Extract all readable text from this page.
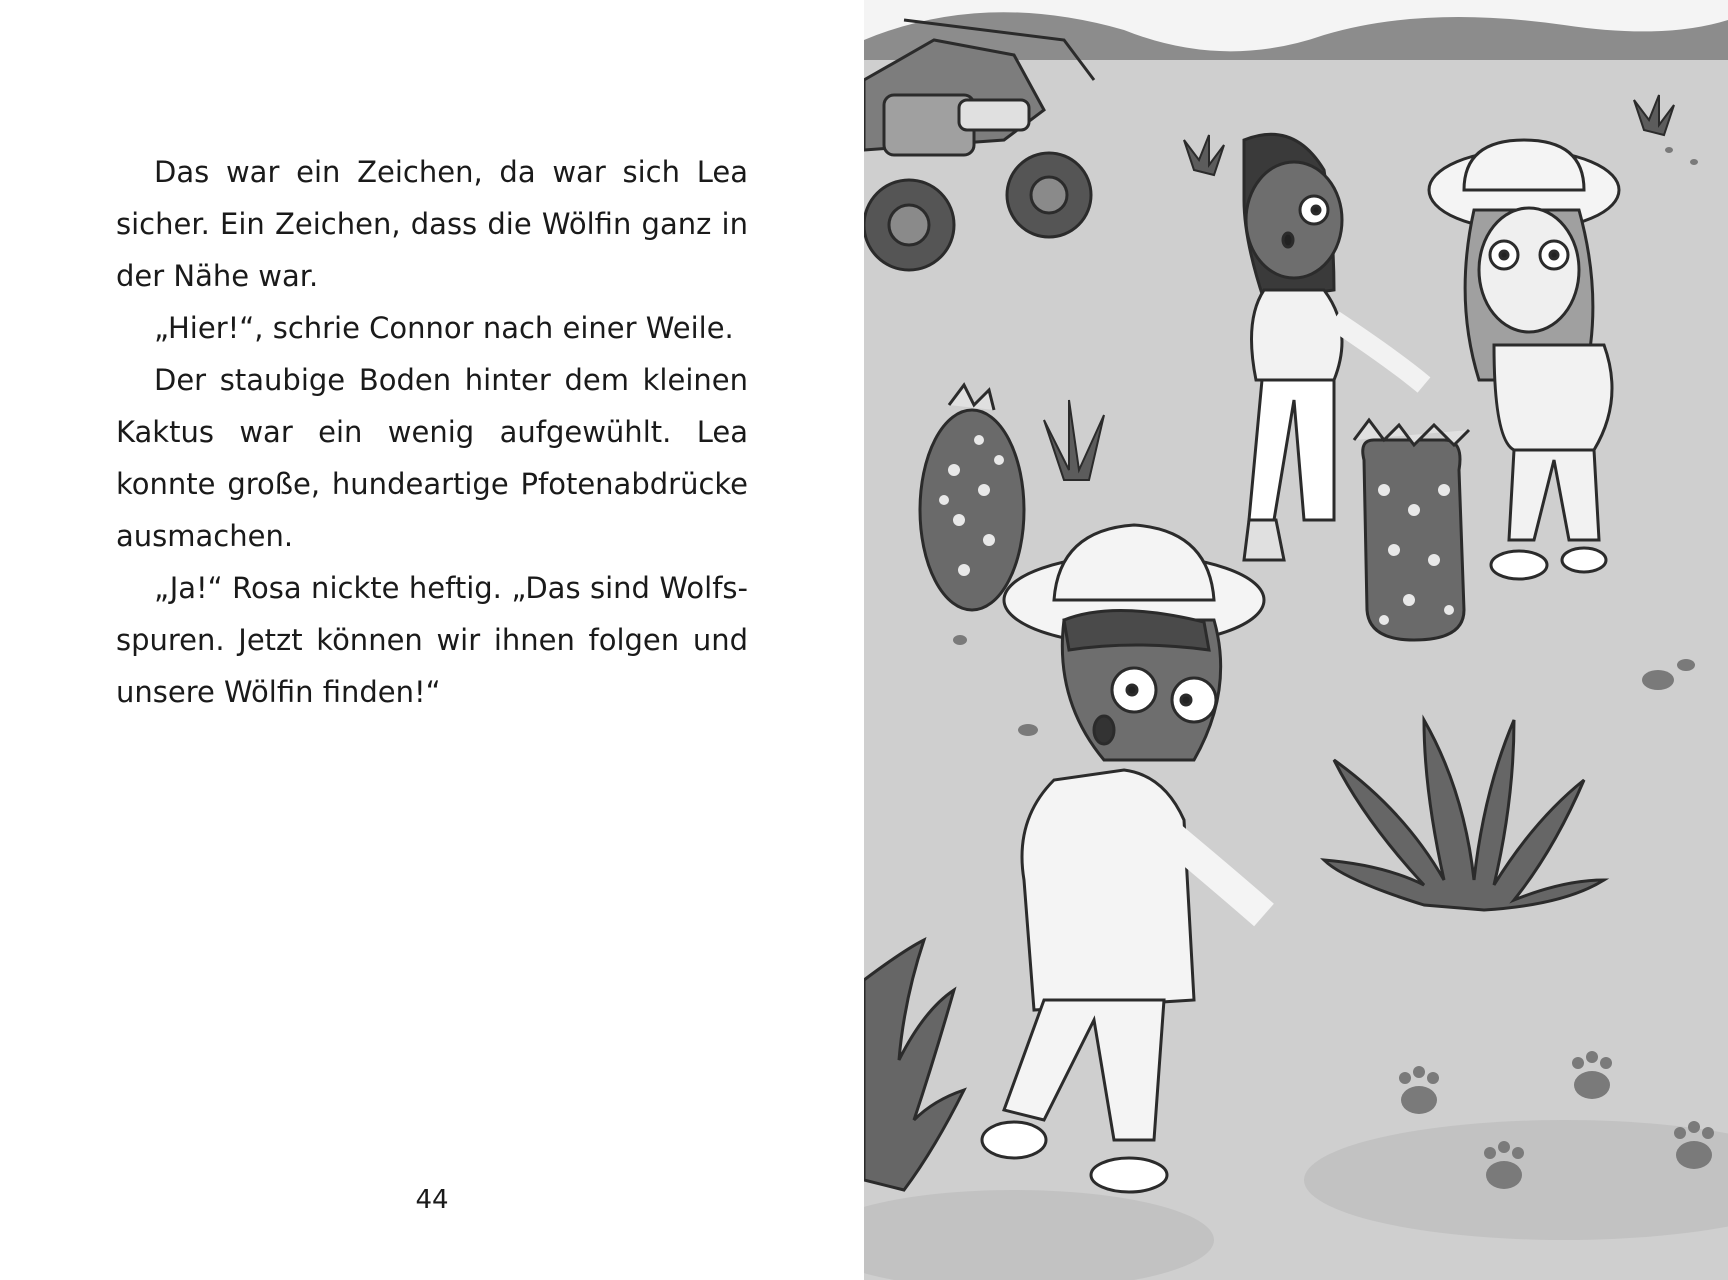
Das war ein Zeichen, da war sich Lea sicher. Ein Zeichen, dass die Wölfin ganz in der Nähe war.

„Hier!“, schrie Connor nach einer Weile.

Der staubige Boden hinter dem kleinen Kaktus war ein wenig aufgewühlt. Lea konnte große, hundeartige Pfotenabdrücke ausmachen.

„Ja!“ Rosa nickte heftig. „Das sind Wolfsspuren. Jetzt können wir ihnen folgen und unsere Wölfin finden!“

44
